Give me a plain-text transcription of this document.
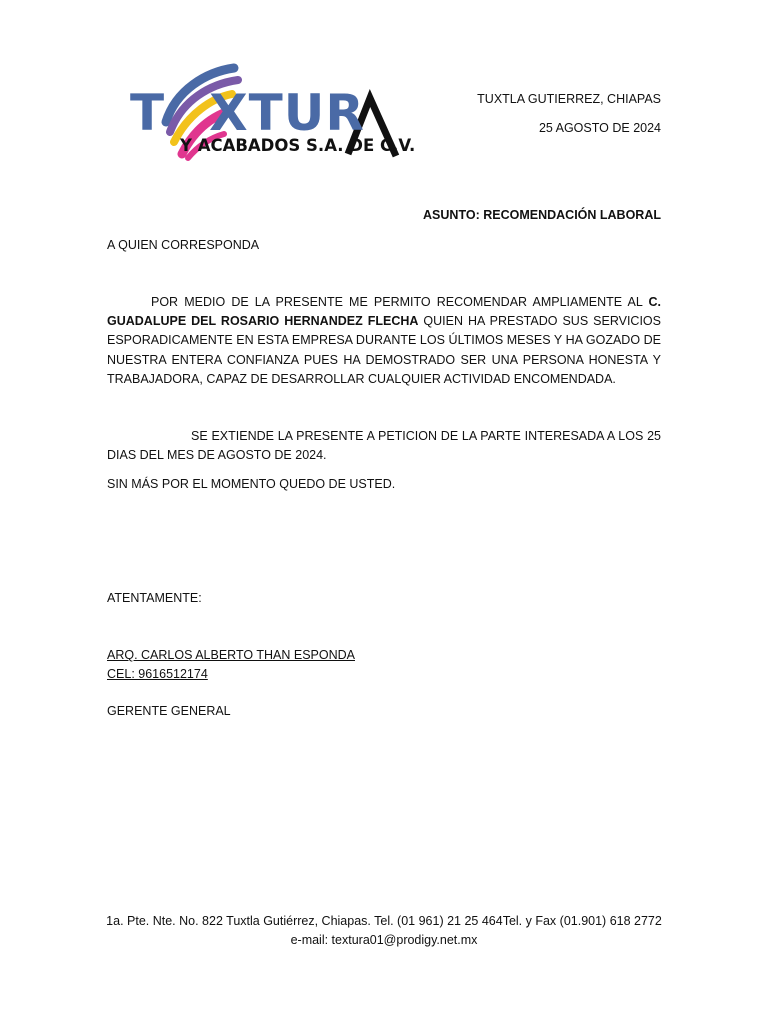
T XTUR
Y ACABADOS S.A. DE C.V.
TUXTLA GUTIERREZ, CHIAPAS
25 AGOSTO DE 2024
ASUNTO: RECOMENDACIÓN LABORAL
A QUIEN CORRESPONDA
POR MEDIO DE LA PRESENTE ME PERMITO RECOMENDAR AMPLIAMENTE AL C. GUADALUPE DEL ROSARIO HERNANDEZ FLECHA QUIEN HA PRESTADO SUS SERVICIOS ESPORADICAMENTE EN ESTA EMPRESA DURANTE LOS ÚLTIMOS MESES Y HA GOZADO DE NUESTRA ENTERA CONFIANZA PUES HA DEMOSTRADO SER UNA PERSONA HONESTA Y TRABAJADORA, CAPAZ DE DESARROLLAR CUALQUIER ACTIVIDAD ENCOMENDADA.
SE EXTIENDE LA PRESENTE A PETICION DE LA PARTE INTERESADA A LOS 25 DIAS DEL MES DE AGOSTO DE 2024.
SIN MÁS POR EL MOMENTO QUEDO DE USTED.
ATENTAMENTE:
ARQ. CARLOS ALBERTO THAN ESPONDA
CEL: 9616512174
GERENTE GENERAL
1a. Pte. Nte. No. 822 Tuxtla Gutiérrez, Chiapas. Tel. (01 961) 21 25 464Tel. y Fax (01.901) 618 2772
e-mail: textura01@prodigy.net.mx
